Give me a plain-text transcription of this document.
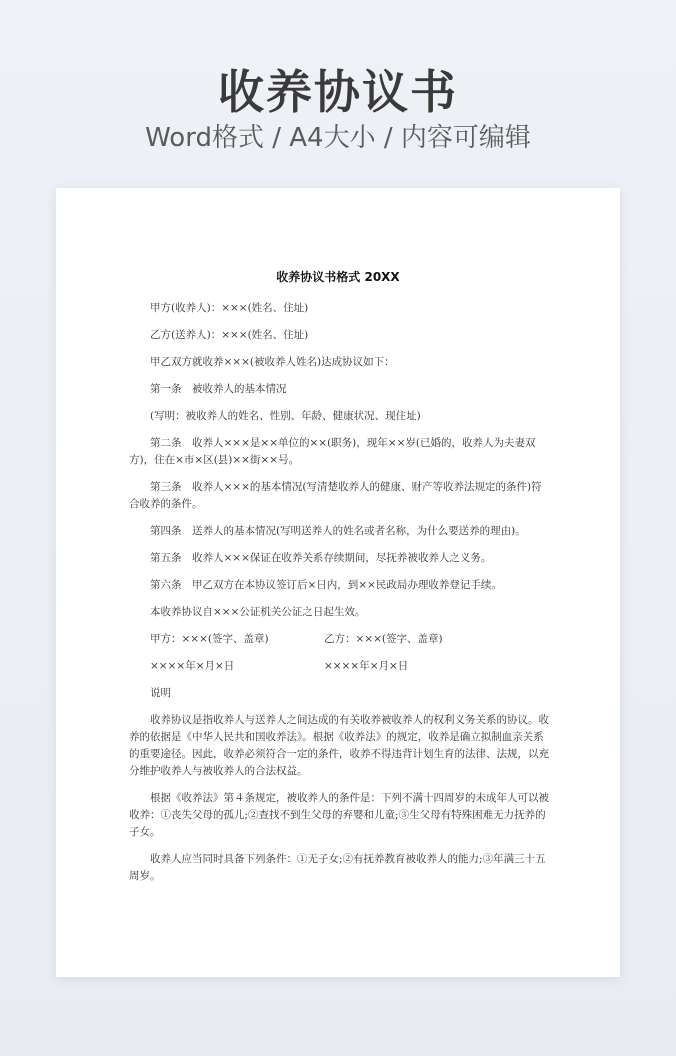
收养协议书
Word格式 / A4大小 / 内容可编辑
收养协议书格式 20XX

甲方(收养人)：×××(姓名、住址)

乙方(送养人)：×××(姓名、住址)

甲乙双方就收养×××(被收养人姓名)达成协议如下：

第一条　被收养人的基本情况

(写明：被收养人的姓名、性别、年龄、健康状况、现住址)

第二条　收养人×××是××单位的××(职务)，现年××岁(已婚的，收养人为夫妻双方)，住在×市×区(县)××街××号。

第三条　收养人×××的基本情况(写清楚收养人的健康、财产等收养法规定的条件)符合收养的条件。

第四条　送养人的基本情况(写明送养人的姓名或者名称，为什么要送养的理由)。

第五条　收养人×××保证在收养关系存续期间，尽抚养被收养人之义务。

第六条　甲乙双方在本协议签订后×日内，到××民政局办理收养登记手续。

本收养协议自×××公证机关公证之日起生效。

甲方：×××(签字、盖章)	乙方：×××(签字、盖章)
××××年×月×日	××××年×月×日

说明

收养协议是指收养人与送养人之间达成的有关收养被收养人的权利义务关系的协议。收养的依据是《中华人民共和国收养法》。根据《收养法》的规定，收养是确立拟制血亲关系的重要途径。因此，收养必须符合一定的条件，收养不得违背计划生育的法律、法规，以充分维护收养人与被收养人的合法权益。

根据《收养法》第４条规定，被收养人的条件是：下列不满十四周岁的未成年人可以被收养：①丧失父母的孤儿;②查找不到生父母的弃婴和儿童;③生父母有特殊困难无力抚养的子女。

收养人应当同时具备下列条件：①无子女;②有抚养教育被收养人的能力;③年满三十五周岁。
